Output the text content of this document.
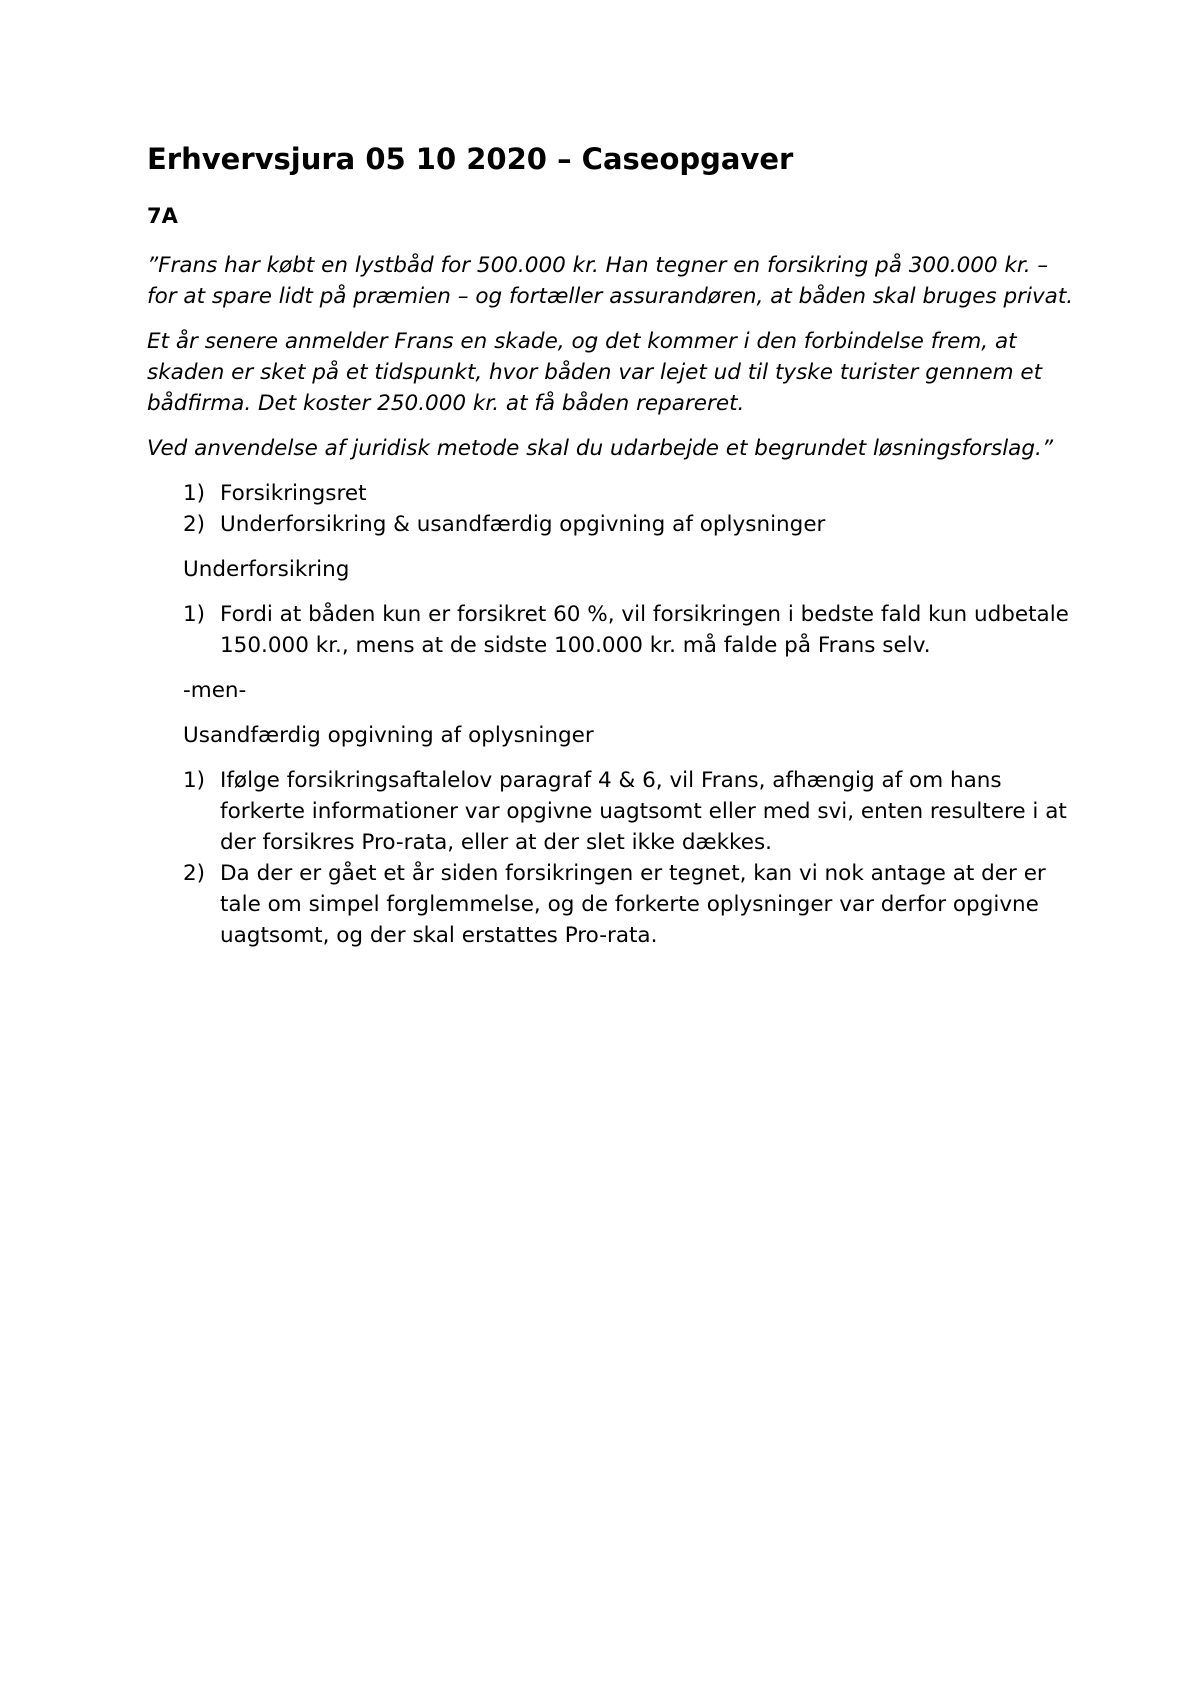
Erhvervsjura 05 10 2020 – Caseopgaver
7A

”Frans har købt en lystbåd for 500.000 kr. Han tegner en forsikring på 300.000 kr. – for at spare lidt på præmien – og fortæller assurandøren, at båden skal bruges privat.

Et år senere anmelder Frans en skade, og det kommer i den forbindelse frem, at skaden er sket på et tidspunkt, hvor båden var lejet ud til tyske turister gennem et bådfirma. Det koster 250.000 kr. at få båden repareret.

Ved anvendelse af juridisk metode skal du udarbejde et begrundet løsningsforslag.”

1) Forsikringsret
2) Underforsikring & usandfærdig opgivning af oplysninger

Underforsikring

1) Fordi at båden kun er forsikret 60 %, vil forsikringen i bedste fald kun udbetale 150.000 kr., mens at de sidste 100.000 kr. må falde på Frans selv.

-men-

Usandfærdig opgivning af oplysninger

1) Ifølge forsikringsaftalelov paragraf 4 & 6, vil Frans, afhængig af om hans forkerte informationer var opgivne uagtsomt eller med svi, enten resultere i at der forsikres Pro-rata, eller at der slet ikke dækkes.
2) Da der er gået et år siden forsikringen er tegnet, kan vi nok antage at der er tale om simpel forglemmelse, og de forkerte oplysninger var derfor opgivne uagtsomt, og der skal erstattes Pro-rata.
